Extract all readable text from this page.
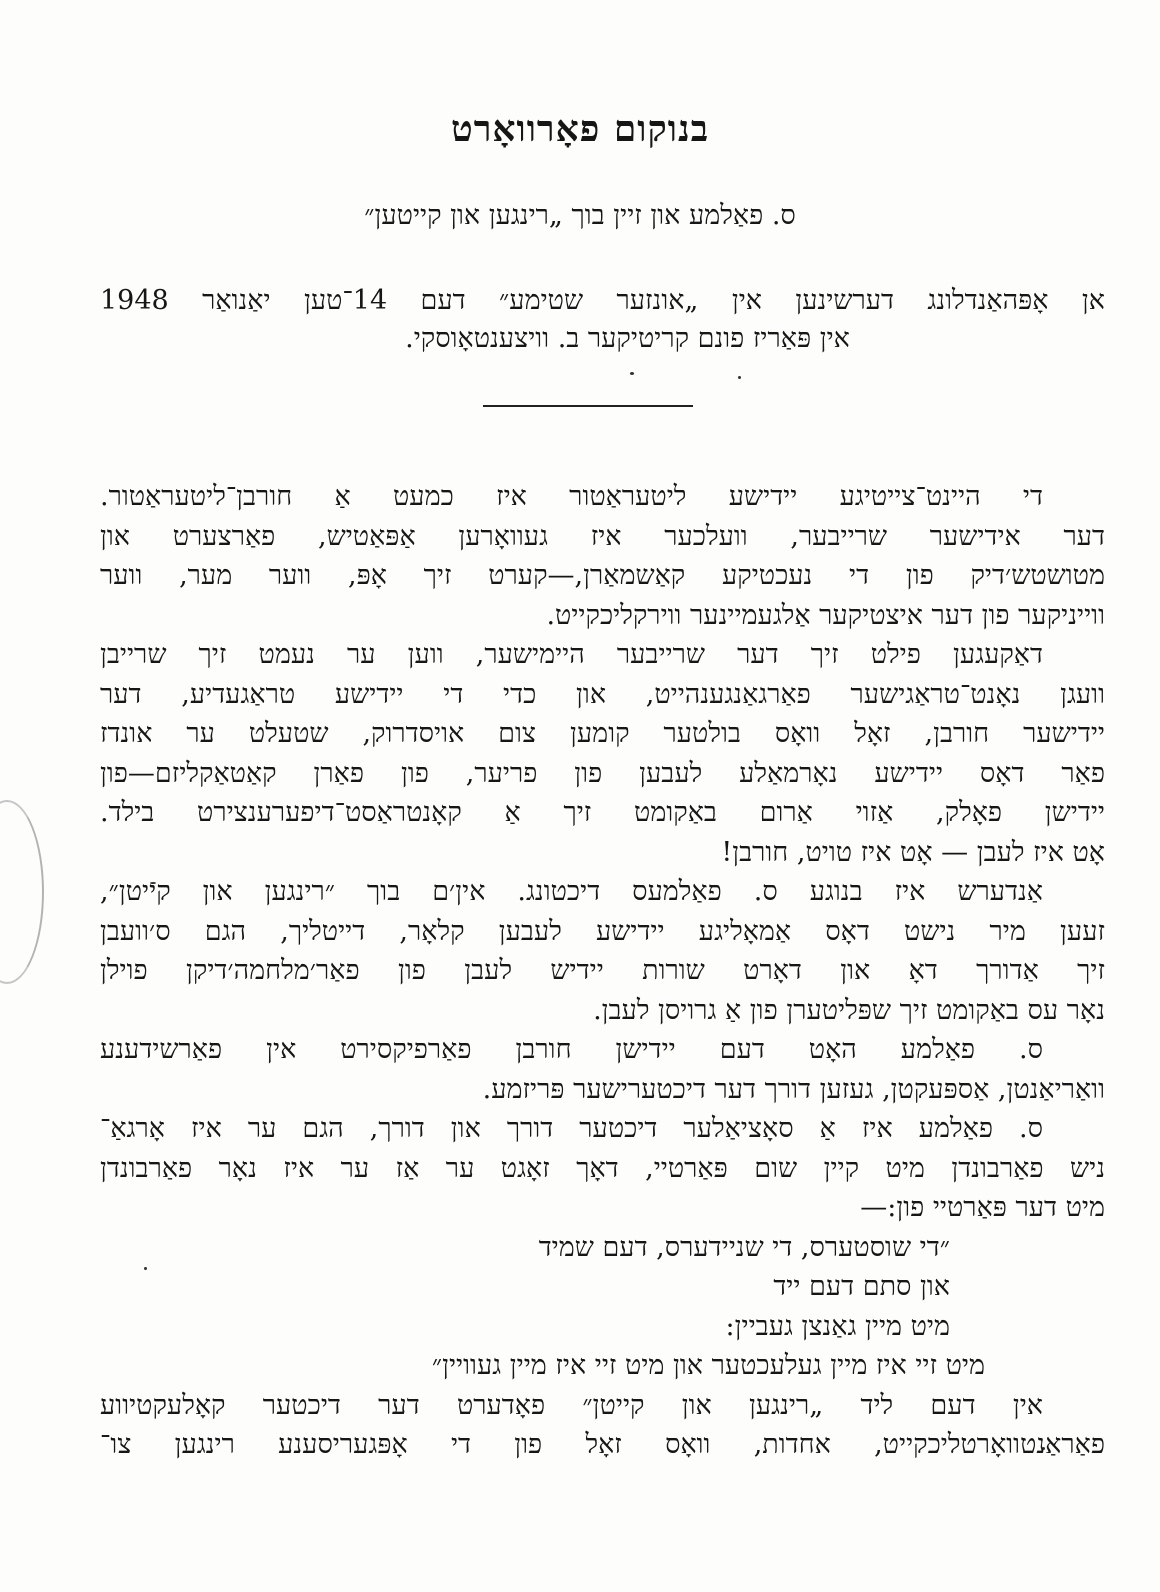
בנוקום פאָרוואָרט
ס. פאַלמע און זיין בוך „רינגען און קייטען״
אן אָפּהאַנדלונג דערשינען אין „אונזער שטימע״ דעם 14־טען יאַנואַר 1948
אין פּאַריז פונם קריטיקער ב. וויצענטאָוסקי.
די היינט־צייטיגע יידישע ליטעראַטור איז כמעט אַ חורבן־ליטעראַטור.
דער אידישער שרייבער, וועלכער איז געוואָרען אַפּאַטיש, פאַרצערט און
מטושטש׳דיק פון די נעכטיקע קאַשמאַרן,—קערט זיך אָפּ, ווער מער, ווער
ווייניקער פון דער איצטיקער אַלגעמיינער ווירקליכקייט.
דאַקעגען פילט זיך דער שרייבער היימישער, ווען ער נעמט זיך שרייבן
וועגן נאָנט־טראַגישער פאַרגאַנגענהייט, און כדי די יידישע טראַגעדיע, דער
יידישער חורבן, זאָל וואָס בולטער קומען צום אויסדרוק, שטעלט ער אונדז
פאַר דאָס יידישע נאָרמאַלע לעבען פון פריער, פון פאַרן קאַטאַקליזם—פון
יידישן פאָלק, אַזוי אַרום באַקומט זיך אַ קאָנטראַסט־דיפערענצירט בילד.
אָט איז לעבן — אָט איז טויט, חורבן!
אַנדערש איז בנוגע ס. פאַלמעס דיכטונג. אין׳ם בוך ״רינגען און קייטן״,
זעען מיר נישט דאָס אַמאָליגע יידישע לעבען קלאָר, דייטליך, הגם ס׳וועבן
זיך אַדורך דאָ און דאָרט שורות יידיש לעבן פון פאַר׳מלחמה׳דיקן פוילן
נאָר עס באַקומט זיך שפּליטערן פון אַ גרויסן לעבן.
ס. פאַלמע האָט דעם יידישן חורבן פאַרפיקסירט אין פאַרשידענע
וואַריאַנטן, אַספּעקטן, געזען דורך דער דיכטערישער פּריזמע.
ס. פאַלמע איז אַ סאָציאַלער דיכטער דורך און דורך, הגם ער איז אָרגאַ־
ניש פאַרבונדן מיט קיין שום פּאַרטיי, דאָך זאָגט ער אַז ער איז נאָר פאַרבונדן
מיט דער פּאַרטיי פון:—
״די שוסטערס, די שניידערס, דעם שמיד
און סתם דעם ייד
מיט מיין גאַנצן געביין:
מיט זיי איז מיין געלעכטער און מיט זיי איז מיין געוויין״
אין דעם ליד „רינגען און קייטן״ פאָדערט דער דיכטער קאָלעקטיווע
פאַראַנטוואָרטליכקייט, אחדות, וואָס זאָל פון די אָפּגעריסענע רינגען צו־
